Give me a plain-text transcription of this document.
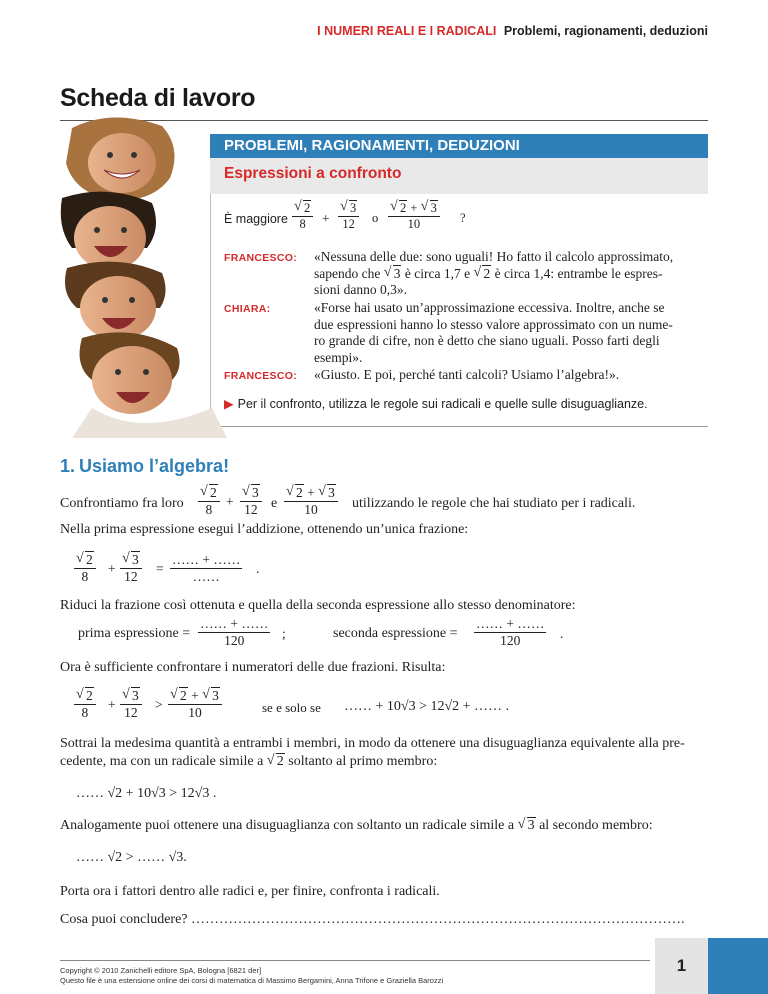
I NUMERI REALI E I RADICALI Problemi, ragionamenti, deduzioni
Scheda di lavoro
PROBLEMI, RAGIONAMENTI, DEDUZIONI
Espressioni a confronto
È maggiore √ $\frac{2}{8}$ + √ $\frac{3}{12}$ o √ $\frac{2 + √ 3}{10}$ ?
FRANCESCO: «Nessuna delle due: sono uguali! Ho fatto il calcolo approssimato,
sapendo che √ 3 è circa 1,7 e √ 2 è circa 1,4: entrambe le espres-
sioni danno 0,3».
CHIARA:	«Forse hai usato un’approssimazione eccessiva. Inoltre, anche se
due espressioni hanno lo stesso valore approssimato con un nume-
ro grande di cifre, non è detto che siano uguali. Posso farti degli
esempi».
FRANCESCO: «Giusto. E poi, perché tanti calcoli? Usiamo l’algebra!».
▶ Per il confronto, utilizza le regole sui radicali e quelle sulle disuguaglianze.
1. Usiamo l’algebra!
Confrontiamo fra loro √ $\frac{2}{8}$ + √ $\frac{3}{12}$ e √ $\frac{2 + √ 3}{10}$ utilizzando le regole che hai studiato per i radicali.
Nella prima espressione esegui l’addizione, ottenendo un’unica frazione:
√ $\frac{2}{8}$ + √ $\frac{3}{12} = \frac{\dots\dots + \dots\dots}{\dots\dots}$ .
Riduci la frazione così ottenuta e quella della seconda espressione allo stesso denominatore:
prima espressione = $\frac{\dots\dots + \dots\dots}{120}$ ;	seconda espressione = $\frac{\dots\dots + \dots\dots}{120}$ .
Ora è sufficiente confrontare i numeratori delle due frazioni. Risulta:
√ $\frac{2}{8}$ + √ $\frac{3}{12}$ > √ $\frac{2 + √ 3}{10}$	se e solo se …… + 10√3 > 12√2 + …… .
Sottrai la medesima quantità a entrambi i membri, in modo da ottenere una disuguaglianza equivalente alla pre-
cedente, ma con un radicale simile a √ 2 soltanto al primo membro:
…… √2 + 10√3 > 12√3 .
Analogamente puoi ottenere una disuguaglianza con soltanto un radicale simile a √ 3 al secondo membro:
…… √2 > …… √3.
Porta ora i fattori dentro alle radici e, per finire, confronta i radicali.
Cosa puoi concludere? …………………………………………………………………………………………….
Copyright © 2010 Zanichelli editore SpA, Bologna [6821 der]
Questo file è una estensione online dei corsi di matematica di Massimo Bergamini, Anna Trifone e Graziella Barozzi
1
